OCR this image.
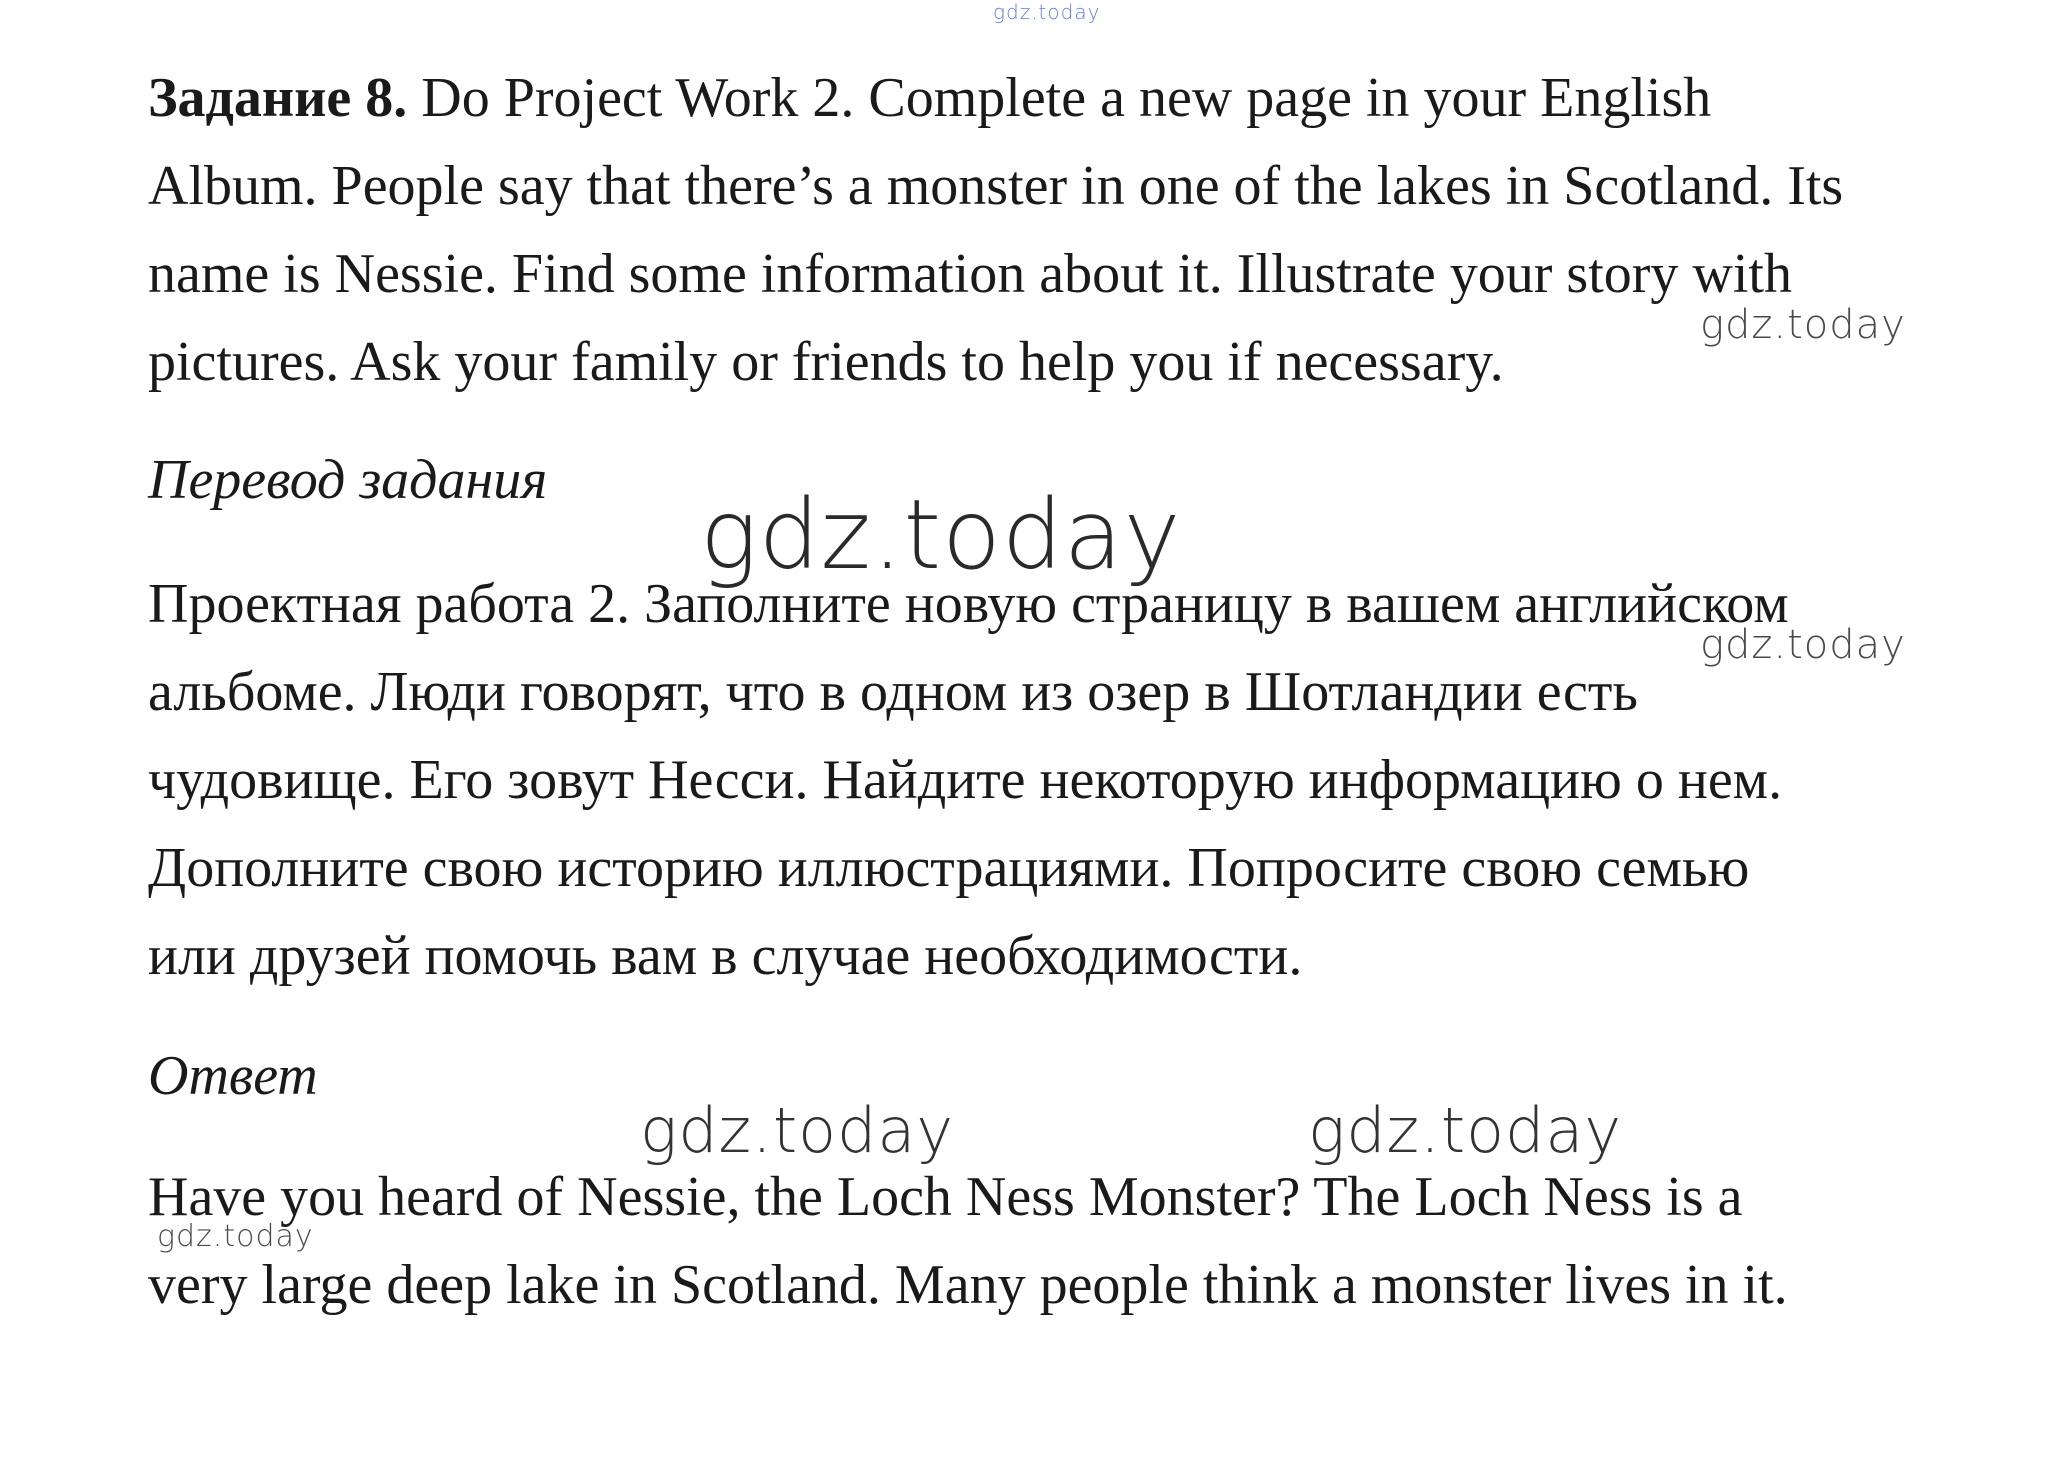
gdz.today

Задание 8. Do Project Work 2. Complete a new page in your English
Album. People say that there’s a monster in one of the lakes in Scotland. Its
name is Nessie. Find some information about it. Illustrate your story with
pictures. Ask your family or friends to help you if necessary.

gdz.today
Перевод задания gdz.today

Проектная работа 2. Заполните новую страницу в вашем английском
альбоме. Люди говорят, что в одном из озер в Шотландии есть
чудовище. Его зовут Несси. Найдите некоторую информацию о нем.
Дополните свою историю иллюстрациями. Попросите свою семью
или друзей помочь вам в случае необходимости.

gdz.today
Ответ
gdz.today	gdz.today

Have you heard of Nessie, the Loch Ness Monster? The Loch Ness is a
very large deep lake in Scotland. Many people think a monster lives in it.

gdz.today
